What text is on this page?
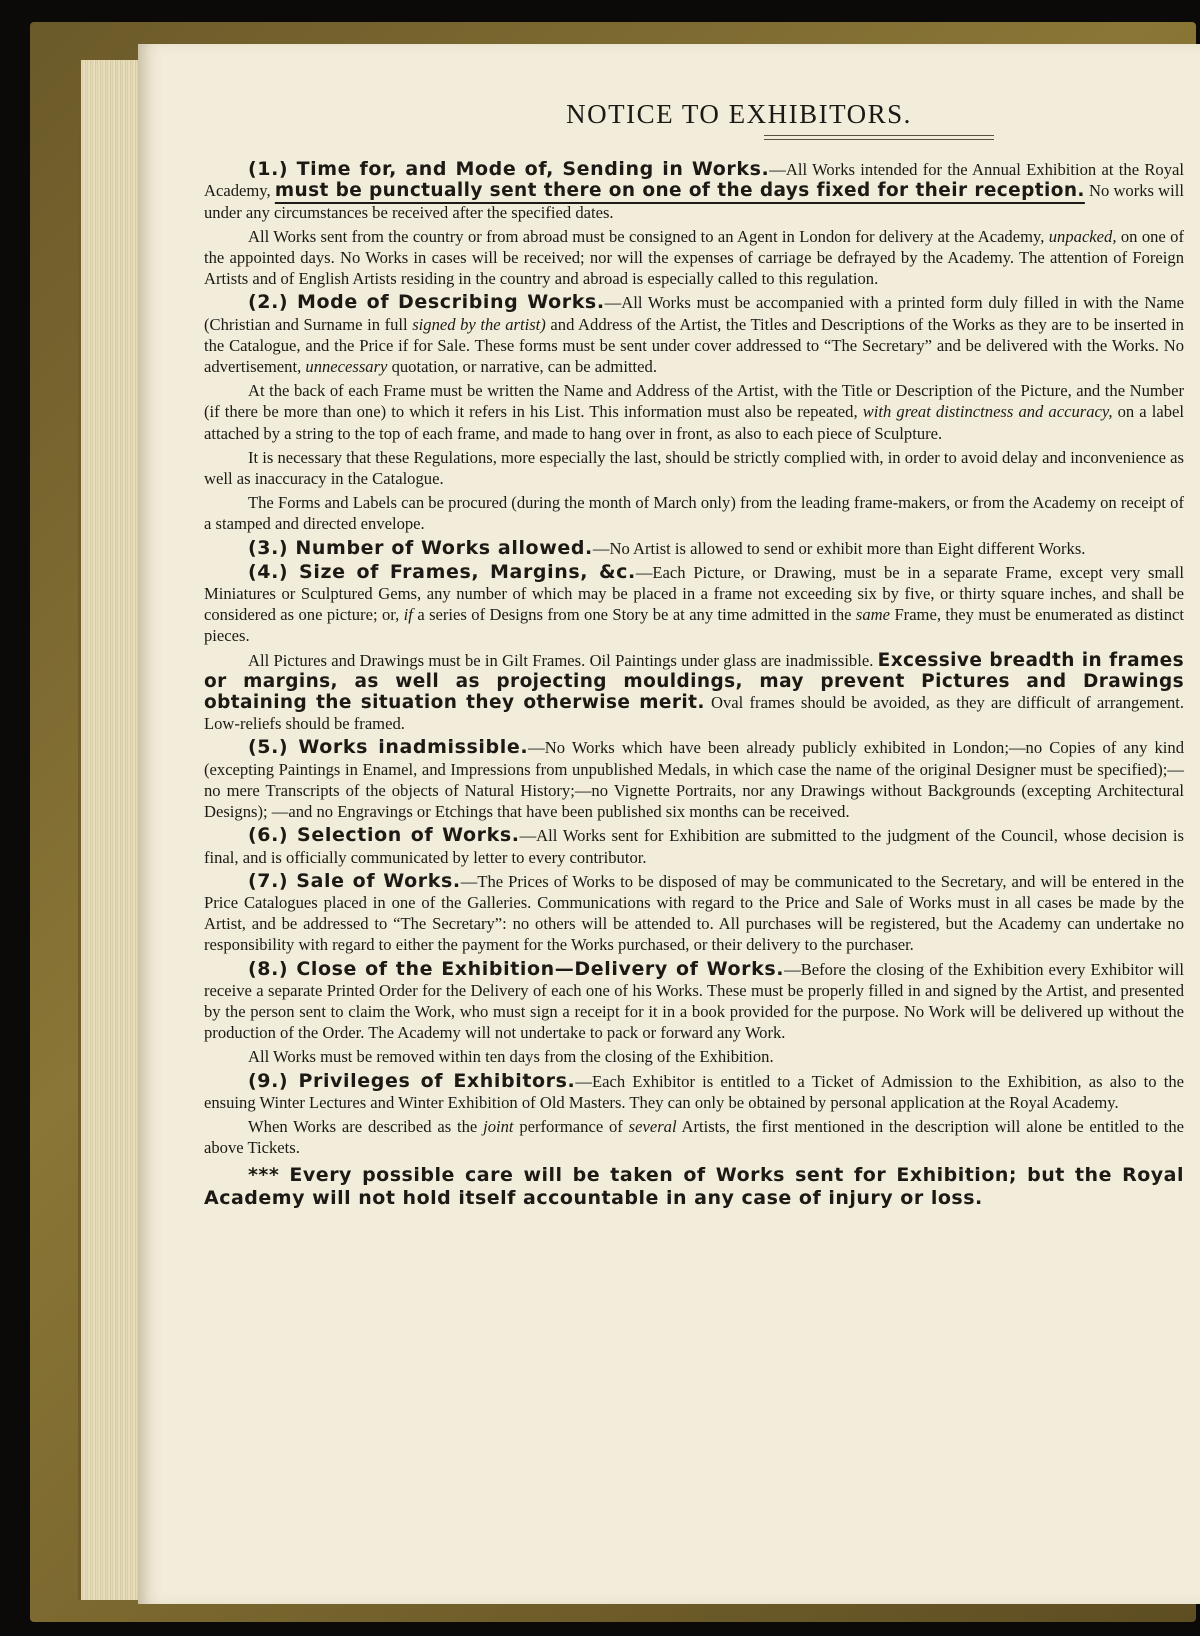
NOTICE TO EXHIBITORS.

(1.) Time for, and Mode of, Sending in Works.—All Works intended for the Annual Exhibition at the Royal Academy, must be punctually sent there on one of the days fixed for their reception. No works will under any circumstances be received after the specified dates.

All Works sent from the country or from abroad must be consigned to an Agent in London for delivery at the Academy, unpacked, on one of the appointed days. No Works in cases will be received; nor will the expenses of carriage be defrayed by the Academy. The attention of Foreign Artists and of English Artists residing in the country and abroad is especially called to this regulation.

(2.) Mode of Describing Works.—All Works must be accompanied with a printed form duly filled in with the Name (Christian and Surname in full signed by the artist) and Address of the Artist, the Titles and Descriptions of the Works as they are to be inserted in the Catalogue, and the Price if for Sale. These forms must be sent under cover addressed to “The Secretary” and be delivered with the Works. No advertisement, unnecessary quotation, or narrative, can be admitted.

At the back of each Frame must be written the Name and Address of the Artist, with the Title or Description of the Picture, and the Number (if there be more than one) to which it refers in his List. This information must also be repeated, with great distinctness and accuracy, on a label attached by a string to the top of each frame, and made to hang over in front, as also to each piece of Sculpture.

It is necessary that these Regulations, more especially the last, should be strictly complied with, in order to avoid delay and inconvenience as well as inaccuracy in the Catalogue.

The Forms and Labels can be procured (during the month of March only) from the leading frame-makers, or from the Academy on receipt of a stamped and directed envelope.

(3.) Number of Works allowed.—No Artist is allowed to send or exhibit more than Eight different Works.

(4.) Size of Frames, Margins, &c.—Each Picture, or Drawing, must be in a separate Frame, except very small Miniatures or Sculptured Gems, any number of which may be placed in a frame not exceeding six by five, or thirty square inches, and shall be considered as one picture; or, if a series of Designs from one Story be at any time admitted in the same Frame, they must be enumerated as distinct pieces.

All Pictures and Drawings must be in Gilt Frames. Oil Paintings under glass are inadmissible. Excessive breadth in frames or margins, as well as projecting mouldings, may prevent Pictures and Drawings obtaining the situation they otherwise merit. Oval frames should be avoided, as they are difficult of arrangement. Low-reliefs should be framed.

(5.) Works inadmissible.—No Works which have been already publicly exhibited in London;—no Copies of any kind (excepting Paintings in Enamel, and Impressions from unpublished Medals, in which case the name of the original Designer must be specified);—no mere Transcripts of the objects of Natural History;—no Vignette Portraits, nor any Drawings without Backgrounds (excepting Architectural Designs); —and no Engravings or Etchings that have been published six months can be received.

(6.) Selection of Works.—All Works sent for Exhibition are submitted to the judgment of the Council, whose decision is final, and is officially communicated by letter to every contributor.

(7.) Sale of Works.—The Prices of Works to be disposed of may be communicated to the Secretary, and will be entered in the Price Catalogues placed in one of the Galleries. Communications with regard to the Price and Sale of Works must in all cases be made by the Artist, and be addressed to “The Secretary”: no others will be attended to. All purchases will be registered, but the Academy can undertake no responsibility with regard to either the payment for the Works purchased, or their delivery to the purchaser.

(8.) Close of the Exhibition—Delivery of Works.—Before the closing of the Exhibition every Exhibitor will receive a separate Printed Order for the Delivery of each one of his Works. These must be properly filled in and signed by the Artist, and presented by the person sent to claim the Work, who must sign a receipt for it in a book provided for the purpose. No Work will be delivered up without the production of the Order. The Academy will not undertake to pack or forward any Work.

All Works must be removed within ten days from the closing of the Exhibition.

(9.) Privileges of Exhibitors.—Each Exhibitor is entitled to a Ticket of Admission to the Exhibition, as also to the ensuing Winter Lectures and Winter Exhibition of Old Masters. They can only be obtained by personal application at the Royal Academy.

When Works are described as the joint performance of several Artists, the first mentioned in the description will alone be entitled to the above Tickets.

*** Every possible care will be taken of Works sent for Exhibition; but the Royal Academy will not hold itself accountable in any case of injury or loss.
